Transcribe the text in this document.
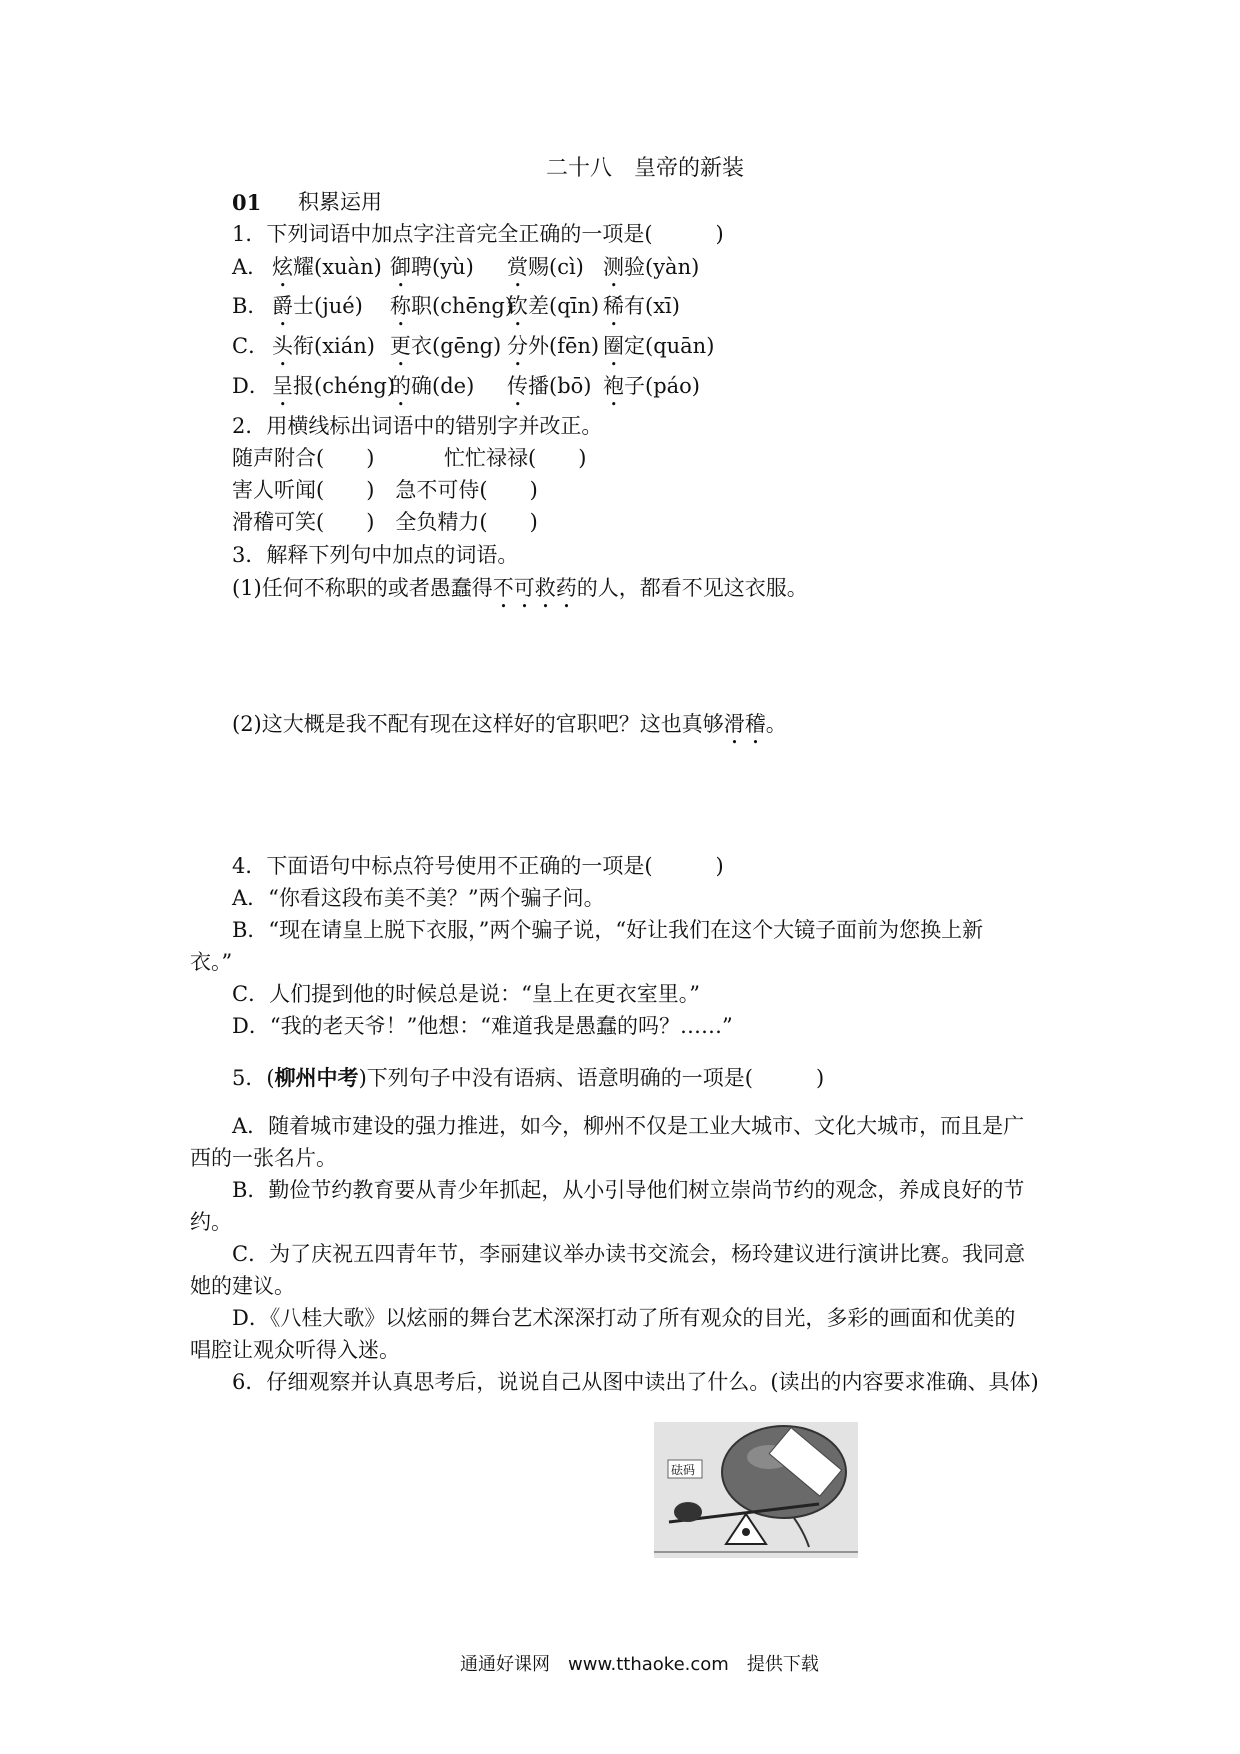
二十八　皇帝的新装
01 积累运用
1．下列词语中加点字注音完全正确的一项是(　　　)
A． 炫耀(xuàn) 御聘(yù) 赏赐(cì) 测验(yàn)
B． 爵士(jué) 称职(chēng)
钦差(qīn) 稀有(xī)
C． 头衔(xián) 更衣(gēng) 分外(fēn) 圈定(quān)
D． 呈报(chéng)
的确(de) 传播(bō) 袍子(páo)
2．用横线标出词语中的错别字并改正。
随声附合(　　)	忙忙禄禄(　　)
害人听闻(　　)　急不可侍(　　)
滑稽可笑(　　)　全负精力(　　)
3．解释下列句中加点的词语。
(1)任何不称职的或者愚蠢得不可救药的人，都看不见这衣服。
(2)这大概是我不配有现在这样好的官职吧？这也真够滑稽。
4．下面语句中标点符号使用不正确的一项是(　　　)
A．“你看这段布美不美？”两个骗子问。
B．“现在请皇上脱下衣服，”两个骗子说，“好让我们在这个大镜子面前为您换上新
衣。”
C．人们提到他的时候总是说：“皇上在更衣室里。”
D．“我的老天爷！”他想：“难道我是愚蠢的吗？……”
5．(柳州中考)下列句子中没有语病、语意明确的一项是(　　　)
A．随着城市建设的强力推进，如今，柳州不仅是工业大城市、文化大城市，而且是广
西的一张名片。
B．勤俭节约教育要从青少年抓起，从小引导他们树立崇尚节约的观念，养成良好的节
约。
C．为了庆祝五四青年节，李丽建议举办读书交流会，杨玲建议进行演讲比赛。我同意
她的建议。
D．《八桂大歌》以炫丽的舞台艺术深深打动了所有观众的目光，多彩的画面和优美的
唱腔让观众听得入迷。
6．仔细观察并认真思考后，说说自己从图中读出了什么。(读出的内容要求准确、具体)
砝码
通通好课网　www.tthaoke.com　提供下载
